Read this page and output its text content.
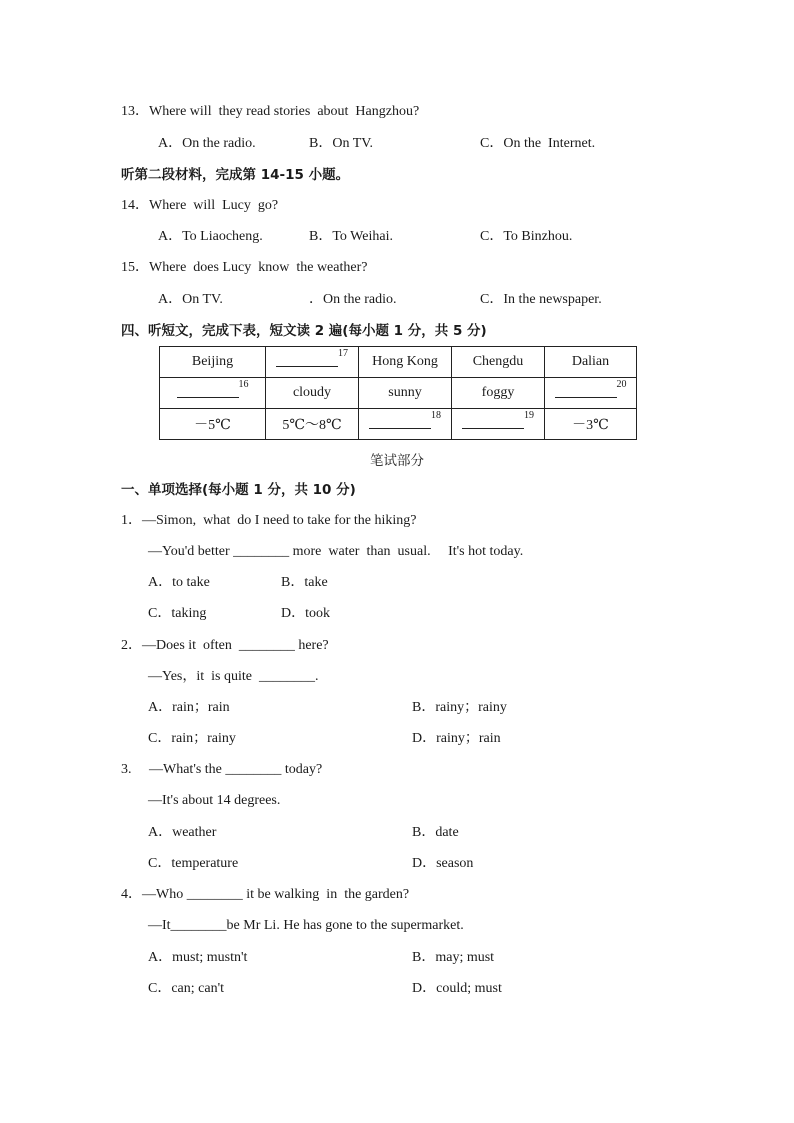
13．Where will  they read stories  about  Hangzhou?
A．On the radio.	B．On TV.	C．On the  Internet.
听第二段材料，完成第 14-15 小题。
14．Where  will  Lucy  go?
A．To Liaocheng.	B．To Weihai.	C．To Binzhou.
15．Where  does Lucy  know  the weather?
A．On TV.	．On the radio.	C．In the newspaper.
四、听短文，完成下表，短文读 2 遍(每小题 1 分，共 5 分)
Beijing	$^{17}$	Hong Kong	Chengdu	Dalian
$^{16}$	cloudy	sunny	foggy	$^{20}$
－5℃	5℃～8℃	$^{18}$	$^{19}$	－3℃
笔试部分
一、单项选择(每小题 1 分，共 10 分)
1．—Simon,  what  do I need to take for the hiking?
—You'd better ________ more  water  than  usual.     It's hot today.
A．to take	B．take
C．taking	D．took
2．—Does it  often  ________ here?
—Yes，it  is quite  ________.
A．rain；rain	B．rainy；rainy
C．rain；rainy	D．rainy；rain
3.     —What's the ________ today?
—It's about 14 degrees.
A．weather	B．date
C．temperature	D．season
4．—Who ________ it be walking  in  the garden?
—It________be Mr Li. He has gone to the supermarket.
A．must; mustn't	B．may; must
C．can; can't	D．could; must
